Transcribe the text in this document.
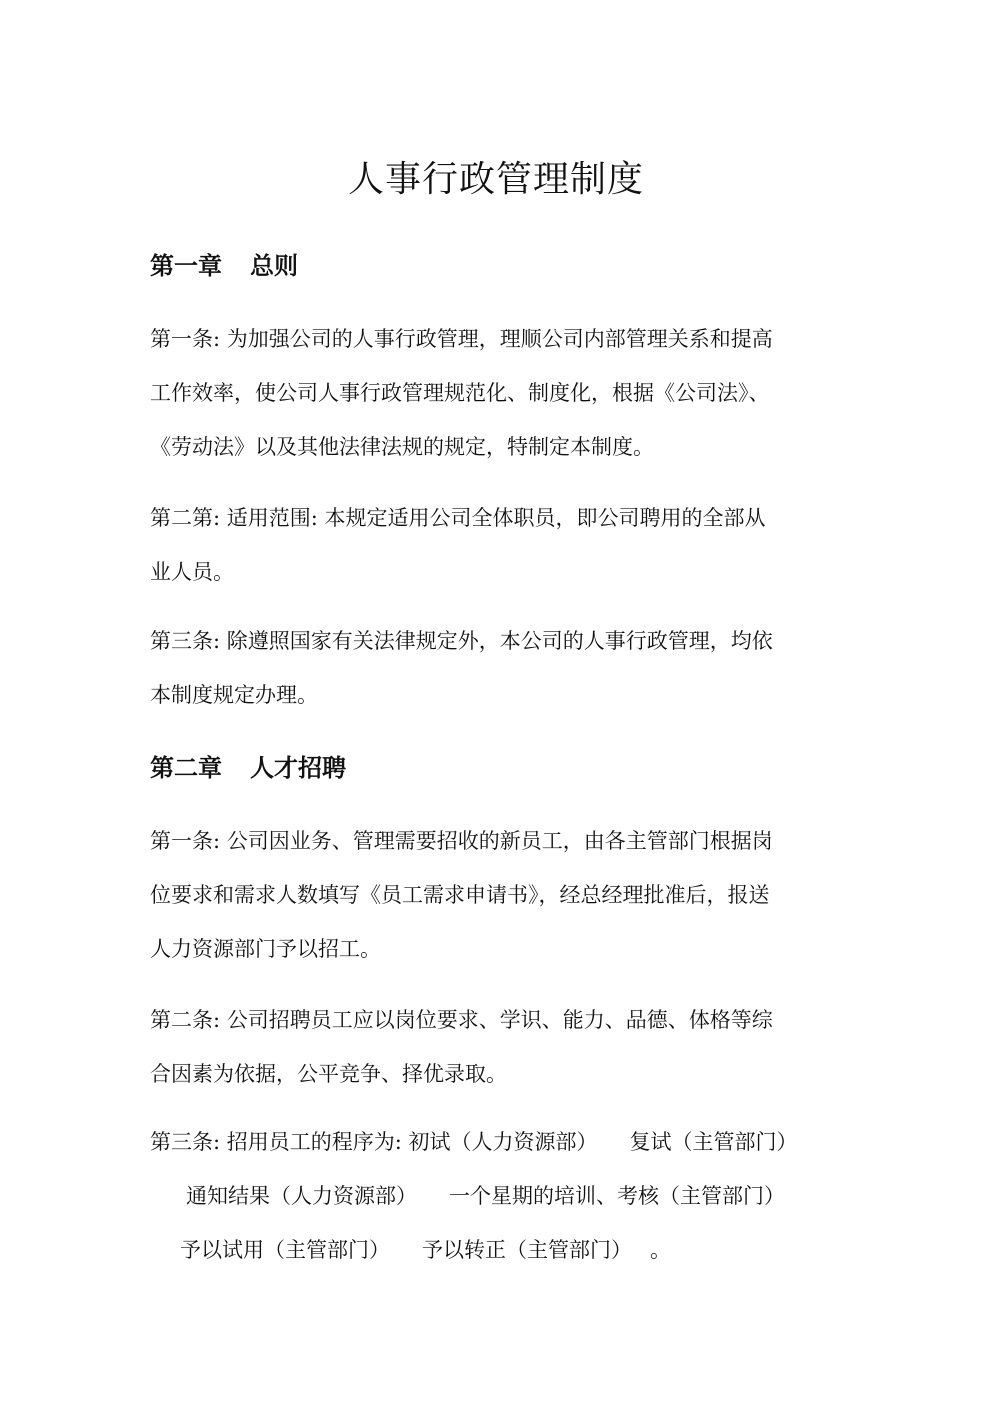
人事行政管理制度
第一章 总则

第一条: 为加强公司的人事行政管理，理顺公司内部管理关系和提高
工作效率，使公司人事行政管理规范化、制度化，根据《公司法》、
《劳动法》以及其他法律法规的规定，特制定本制度。

第二第: 适用范围: 本规定适用公司全体职员，即公司聘用的全部从
业人员。

第三条: 除遵照国家有关法律规定外，本公司的人事行政管理，均依
本制度规定办理。

第二章 人才招聘

第一条: 公司因业务、管理需要招收的新员工，由各主管部门根据岗
位要求和需求人数填写《员工需求申请书》，经总经理批准后，报送
人力资源部门予以招工。

第二条: 公司招聘员工应以岗位要求、学识、能力、品德、体格等综
合因素为依据，公平竞争、择优录取。

第三条: 招用员工的程序为: 初试（人力资源部） 复试（主管部门）
通知结果（人力资源部） 一个星期的培训、考核（主管部门）
予以试用（主管部门） 予以转正（主管部门） 。
